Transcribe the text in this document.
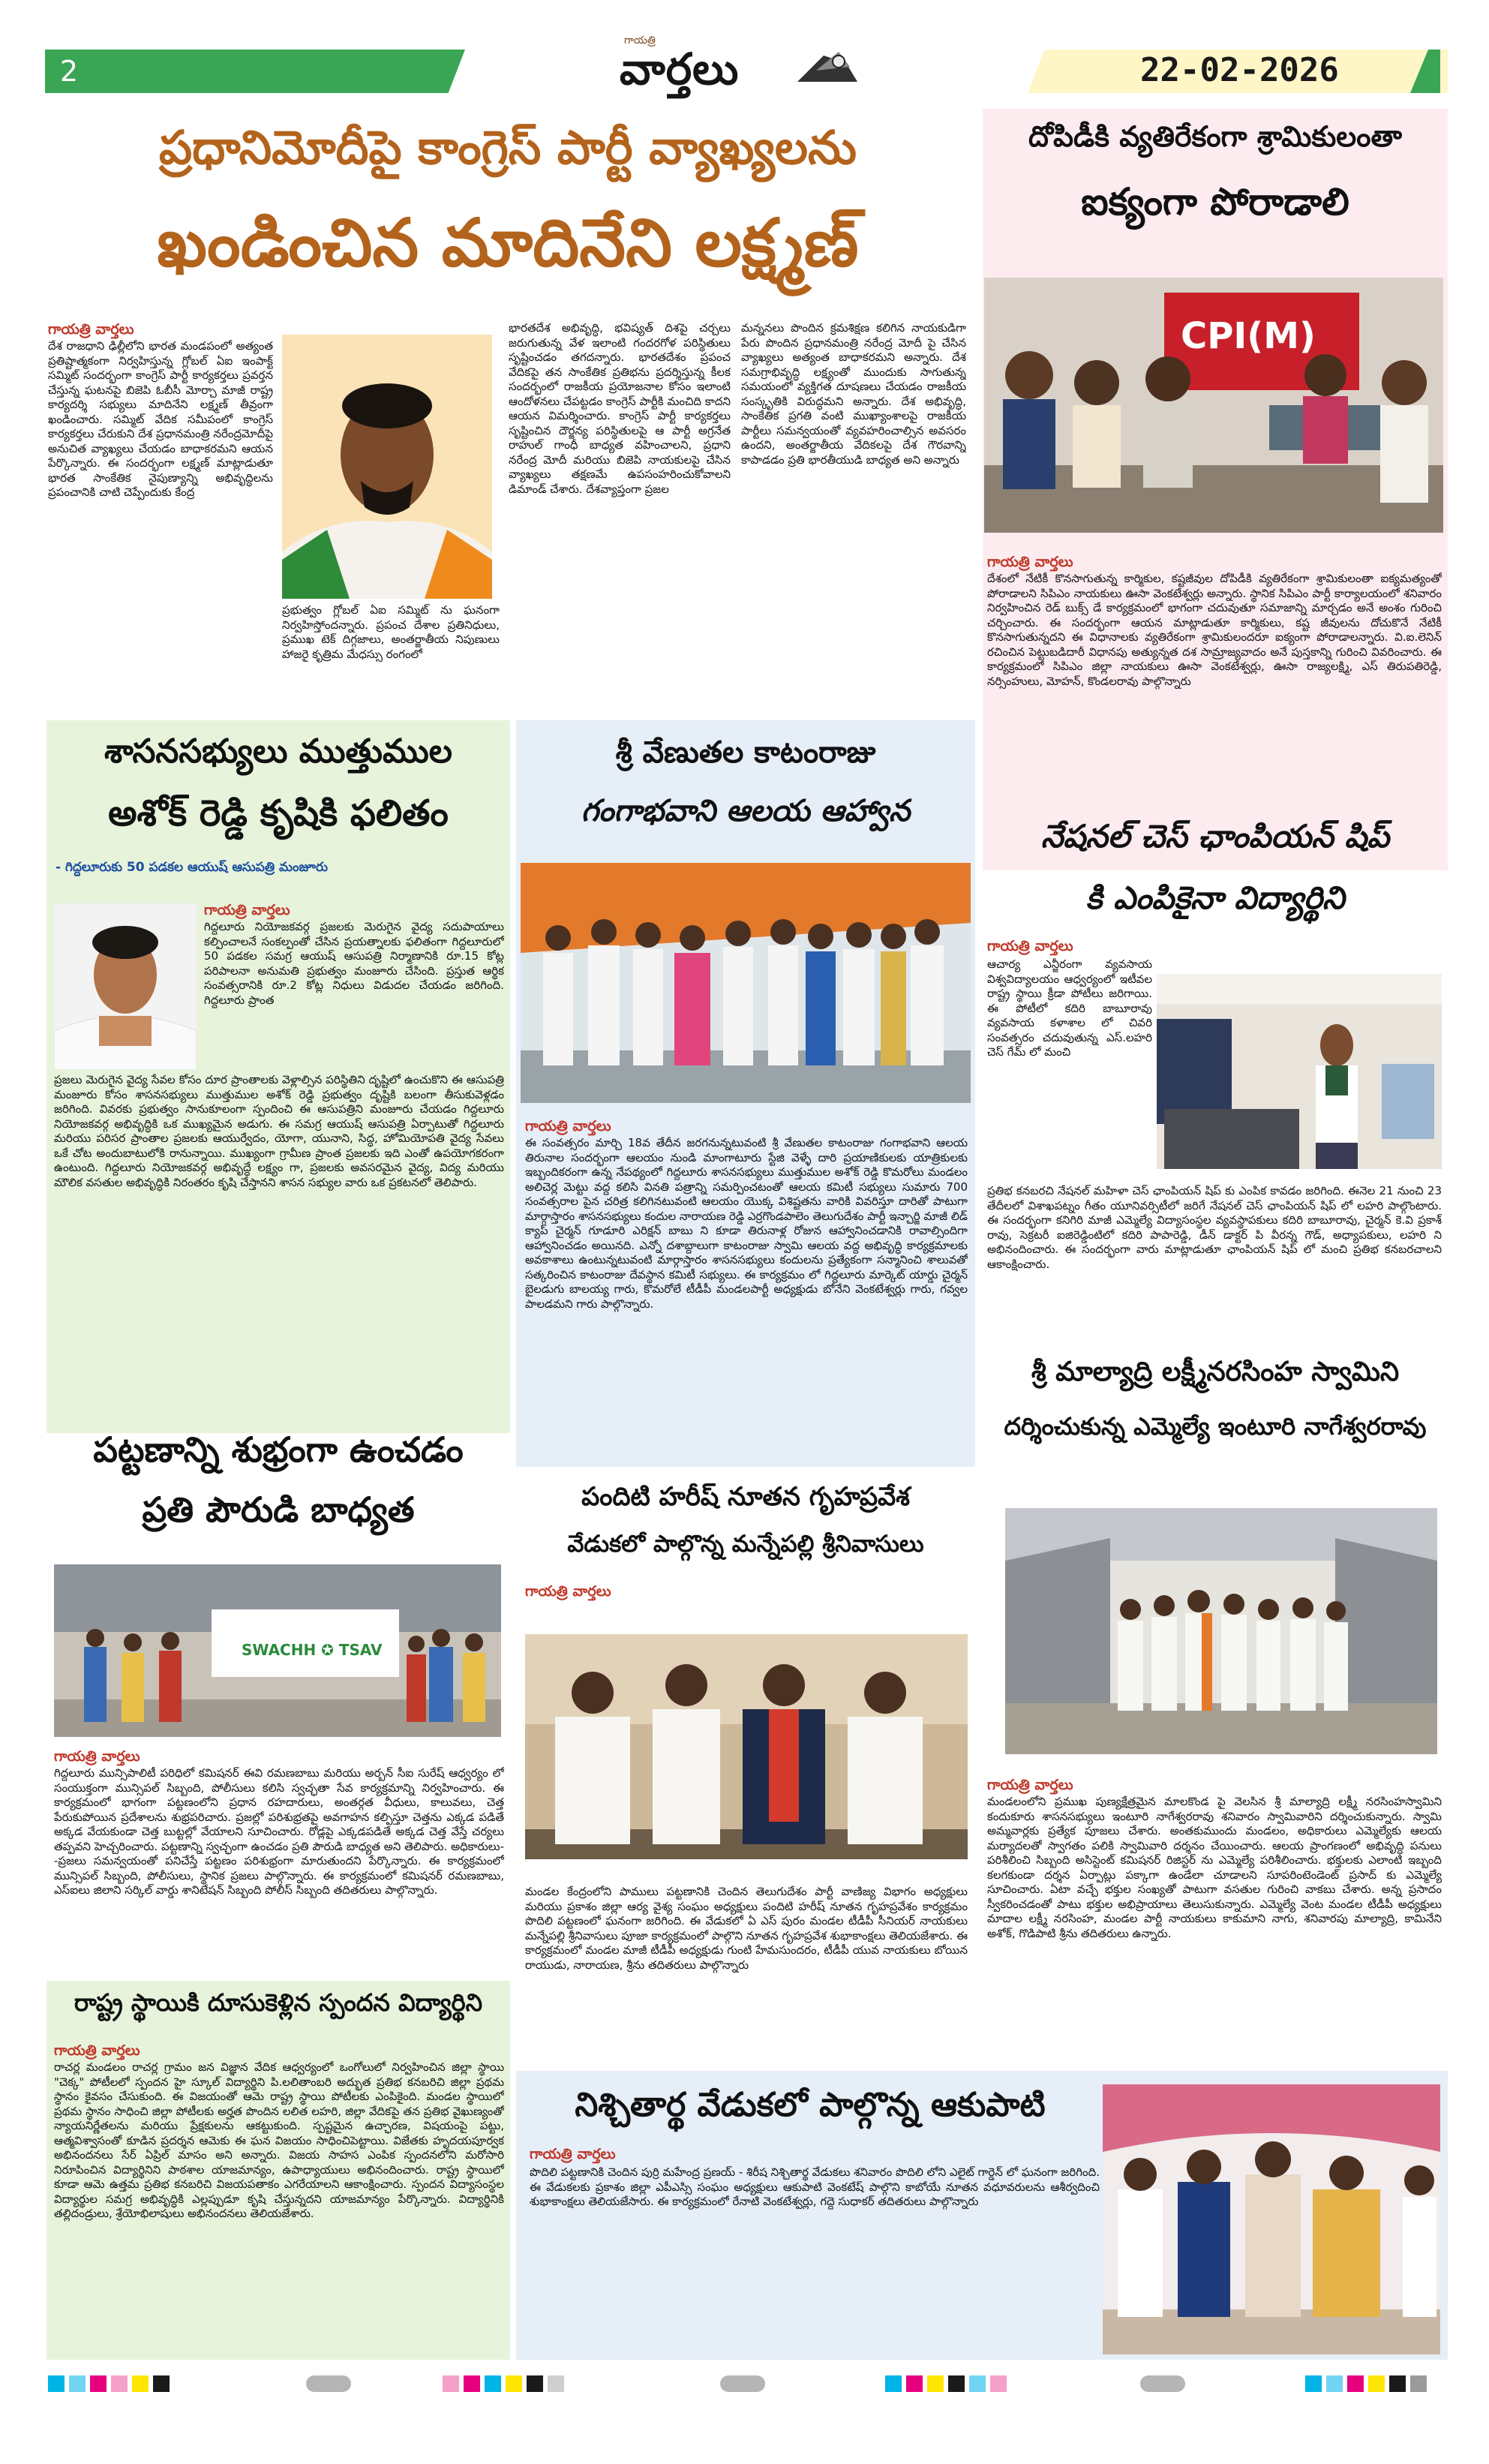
2
గాయత్రి
వార్తలు	22-02-2026
ప్రధానిమోదీపై కాంగ్రెస్ పార్టీ వ్యాఖ్యలను
ఖండించిన మాదినేని లక్ష్మణ్
గాయత్రి వార్తలు
దేశ రాజధాని ఢిల్లీలోని భారత మండపంలో అత్యంత ప్రతిష్టాత్మకంగా నిర్వహిస్తున్న గ్లోబల్ ఏఐ ఇంపాక్ట్ సమ్మిట్ సందర్భంగా కాంగ్రెస్ పార్టీ కార్యకర్తలు ప్రవర్తన చేస్తున్న ఘటనపై బిజెపి ఓబీసీ మోర్చా మాజీ రాష్ట్ర కార్యదర్శి సభ్యులు మాదినేని లక్ష్మణ్ తీవ్రంగా ఖండించారు. సమ్మిట్ వేదిక సమీపంలో కాంగ్రెస్ కార్యకర్తలు చేరుకుని దేశ ప్రధానమంత్రి నరేంద్రమోదీపై అనుచిత వ్యాఖ్యలు చేయడం బాధాకరమని ఆయన పేర్కొన్నారు. ఈ సందర్భంగా లక్ష్మణ్ మాట్లాడుతూ భారత సాంకేతిక నైపుణ్యాన్ని అభివృద్ధిలను ప్రపంచానికి చాటి చెప్పేందుకు కేంద్ర
ప్రభుత్వం గ్లోబల్ ఏఐ సమ్మిట్ ను ఘనంగా నిర్వహిస్తోందన్నారు. ప్రపంచ దేశాల ప్రతినిధులు, ప్రముఖ టెక్ దిగ్గజాలు, అంతర్జాతీయ నిపుణులు హాజరై కృత్రిమ మేధస్సు రంగంలో
భారతదేశ అభివృద్ధి, భవిష్యత్ దిశపై చర్చలు జరుగుతున్న వేళ ఇలాంటి గందరగోళ పరిస్థితులు సృష్టించడం తగదన్నారు. భారతదేశం ప్రపంచ వేదికపై తన సాంకేతిక ప్రతిభను ప్రదర్శిస్తున్న కీలక సందర్భంలో రాజకీయ ప్రయోజనాల కోసం ఇలాంటి ఆందోళనలు చేపట్టడం కాంగ్రెస్ పార్టీకి మంచిది కాదని ఆయన విమర్శించారు. కాంగ్రెస్ పార్టీ కార్యకర్తలు సృష్టించిన దౌర్జన్య పరిస్థితులపై ఆ పార్టీ అగ్రనేత రాహుల్ గాంధీ బాధ్యత వహించాలని, ప్రధాని నరేంద్ర మోదీ మరియు బిజెపి నాయకులపై చేసిన వ్యాఖ్యలు తక్షణమే ఉపసంహరించుకోవాలని డిమాండ్ చేశారు. దేశవ్యాప్తంగా ప్రజల
మన్ననలు పొందిన క్రమశిక్షణ కలిగిన నాయకుడిగా పేరు పొందిన ప్రధానమంత్రి నరేంద్ర మోదీ పై చేసిన వ్యాఖ్యలు అత్యంత బాధాకరమని అన్నారు. దేశ సమగ్రాభివృద్ధి లక్ష్యంతో ముందుకు సాగుతున్న సమయంలో వ్యక్తిగత దూషణలు చేయడం రాజకీయ సంస్కృతికి విరుద్ధమని అన్నారు. దేశ అభివృద్ధి, సాంకేతిక ప్రగతి వంటి ముఖ్యాంశాలపై రాజకీయ పార్టీలు సమన్వయంతో వ్యవహరించాల్సిన అవసరం ఉందని, అంతర్జాతీయ వేదికలపై దేశ గౌరవాన్ని కాపాడడం ప్రతి భారతీయుడి బాధ్యత అని అన్నారు
దోపిడీకి వ్యతిరేకంగా శ్రామికులంతా
ఐక్యంగా పోరాడాలి
CPI(M)
గాయత్రి వార్తలు
దేశంలో నేటికీ కొనసాగుతున్న కార్మికుల, కష్టజీవుల దోపిడీకి వ్యతిరేకంగా శ్రామికులంతా ఐక్యమత్యంతో పోరాడాలని సిపిఎం నాయకులు ఊసా వెంకటేశ్వర్లు అన్నారు. స్థానిక సిపిఎం పార్టీ కార్యాలయంలో శనివారం నిర్వహించిన రెడ్ బుక్స్ డే కార్యక్రమంలో భాగంగా చదువుతూ సమాజాన్ని మార్చడం అనే అంశం గురించి చర్చించారు. ఈ సందర్భంగా ఆయన మాట్లాడుతూ కార్మికులు, కష్ట జీవులను దోచుకొనే నేటికీ కొనసాగుతున్నదని ఈ విధానాలకు వ్యతిరేకంగా శ్రామికులందరూ ఐక్యంగా పోరాడాలన్నారు. వి.ఐ.లెనిన్ రచించిన పెట్టుబడిదారీ విధానపు అత్యున్నత దశ సామ్రాజ్యవాదం అనే పుస్తకాన్ని గురించి వివరించారు. ఈ కార్యక్రమంలో సిపిఎం జిల్లా నాయకులు ఊసా వెంకటేశ్వర్లు, ఊసా రాజ్యలక్ష్మి, ఎస్ తిరుపతిరెడ్డి, నర్సింహులు, మోహన్, కొండలరావు పాల్గొన్నారు
శాసనసభ్యులు ముత్తుముల
అశోక్ రెడ్డి కృషికి ఫలితం
- గిద్దలూరుకు 50 పడకల ఆయుష్ ఆసుపత్రి మంజూరు
గాయత్రి వార్తలు
గిద్దలూరు నియోజకవర్గ ప్రజలకు మెరుగైన వైద్య సదుపాయాలు కల్పించాలనే సంకల్పంతో చేసిన ప్రయత్నాలకు ఫలితంగా గిద్దలూరులో 50 పడకల సమగ్ర ఆయుష్ ఆసుపత్రి నిర్మాణానికి రూ.15 కోట్ల పరిపాలనా అనుమతి ప్రభుత్వం మంజూరు చేసింది. ప్రస్తుత ఆర్థిక సంవత్సరానికి రూ.2 కోట్ల నిధులు విడుదల చేయడం జరిగింది. గిద్దలూరు ప్రాంత
ప్రజలు మెరుగైన వైద్య సేవల కోసం దూర ప్రాంతాలకు వెళ్లాల్సిన పరిస్థితిని దృష్టిలో ఉంచుకొని ఈ ఆసుపత్రి మంజూరు కోసం శాసనసభ్యులు ముత్తుముల అశోక్ రెడ్డి ప్రభుత్వం దృష్టికి బలంగా తీసుకువెళ్లడం జరిగింది. వివరకు ప్రభుత్వం సానుకూలంగా స్పందించి ఈ ఆసుపత్రిని మంజూరు చేయడం గిద్దలూరు నియోజకవర్గ అభివృద్ధికి ఒక ముఖ్యమైన అడుగు. ఈ సమగ్ర ఆయుష్ ఆసుపత్రి ఏర్పాటుతో గిద్దలూరు మరియు పరిసర ప్రాంతాల ప్రజలకు ఆయుర్వేదం, యోగా, యునాని, సిద్ధ, హోమియోపతి వైద్య సేవలు ఒకే చోట అందుబాటులోకి రానున్నాయి. ముఖ్యంగా గ్రామీణ ప్రాంత ప్రజలకు ఇది ఎంతో ఉపయోగకరంగా ఉంటుంది. గిద్దలూరు నియోజకవర్గ అభివృద్ధే లక్ష్యం గా, ప్రజలకు అవసరమైన వైద్య, విద్య మరియు మౌలిక వసతుల అభివృద్ధికి నిరంతరం కృషి చేస్తానని శాసన సభ్యుల వారు ఒక ప్రకటనలో తెలిపారు.
శ్రీ వేణుతల కాటంరాజు
గంగాభవాని ఆలయ ఆహ్వాన
గాయత్రి వార్తలు
ఈ సంవత్సరం మార్చి 18వ తేదీన జరగనున్నటువంటి శ్రీ వేణుతల కాటంరాజు గంగాభవాని ఆలయ తిరునాల సందర్భంగా ఆలయం నుండి మాంగాటూరు స్టేజి వెళ్ళే దారి ప్రయాణికులకు యాత్రికులకు ఇబ్బందికరంగా ఉన్న నేపథ్యంలో గిద్దలూరు శాసనసభ్యులు ముత్తుముల అశోక్ రెడ్డి కొమరోలు మండలం అలిచెర్ల మెట్టు వద్ద కలిసి వినతి పత్రాన్ని సమర్పించటంతో ఆలయ కమిటీ సభ్యులు సుమారు 700 సంవత్సరాల పైన చరిత్ర కలిగినటువంటి ఆలయం యొక్క విశిష్టతను వారికి వివరిస్తూ దారితో పాటుగా మార్గాస్తారం శాసనసభ్యులు కందుల నారాయణ రెడ్డి ఎర్రగొండపాలెం తెలుగుదేశం పార్టీ ఇన్చార్జి మాజీ లిడ్ క్యాప్ చైర్మన్ గూడూరి ఎరిక్షన్ బాబు ని కూడా తిరునాళ్ల రోజున ఆహ్వానించడానికి రావాల్సిందిగా ఆహ్వానించడం అయినది. ఎన్నో దశాబ్దాలుగా కాటంరాజు స్వామి ఆలయ వద్ద అభివృద్ధి కార్యక్రమాలకు అవకాశాలు ఉంటున్నటువంటి మార్గాస్తారం శాసనసభ్యులు కందులను ప్రత్యేకంగా సన్మానించి శాలువతో సత్కరించిన కాటంరాజు దేవస్థాన కమిటీ సభ్యులు. ఈ కార్యక్రమం లో గిద్దలూరు మార్కెట్ యార్డు చైర్మన్ బైలడుగు బాలయ్య గారు, కొమరోలే టీడీపీ మండలపార్టీ అధ్యక్షుడు బోనేని వెంకటేశ్వర్లు గారు, గవ్వల పాలడమని గారు పాల్గొన్నారు.
నేషనల్ చెస్ ఛాంపియన్ షిప్
కి ఎంపికైనా విద్యార్థిని
గాయత్రి వార్తలు
ఆచార్య ఎన్జీరంగా వ్యవసాయ విశ్వవిద్యాలయం ఆధ్వర్యంలో ఇటీవల రాష్ట్ర స్థాయి క్రీడా పోటీలు జరిగాయి. ఈ పోటీలో కదిరి బాబూరావు వ్యవసాయ కళాశాల లో చివరి సంవత్సరం చదువుతున్న ఎస్.లహరి చెస్ గేమ్ లో మంచి
ప్రతిభ కనబరచి నేషనల్ మహిళా చెస్ ఛాంపియన్ షిప్ కు ఎంపిక కావడం జరిగింది. ఈనెల 21 నుంచి 23 తేదీలలో విశాఖపట్నం గీతం యూనివర్సిటీలో జరిగే నేషనల్ చెస్ ఛాంపియన్ షిప్ లో లహరి పాల్గొంటారు. ఈ సందర్భంగా కనిగిరి మాజీ ఎమ్మెల్యే విద్యాసంస్థల వ్యవస్థాపకులు కదిరి బాబూరావు, చైర్మన్ కె.వి ప్రకాశ్ రావు, సెక్రటరీ ఐజిరెడ్డింటిలో కదిరి పాపారెడ్డి, డీన్ డాక్టర్ పి వీరన్న గౌడ్, అధ్యాపకులు, లహరి ని అభినందించారు. ఈ సందర్భంగా వారు మాట్లాడుతూ ఛాంపియన్ షిప్ లో మంచి ప్రతిభ కనబరచాలని ఆకాంక్షించారు.
శ్రీ మాల్యాద్రి లక్ష్మీనరసింహ స్వామిని
దర్శించుకున్న ఎమ్మెల్యే ఇంటూరి నాగేశ్వరరావు
గాయత్రి వార్తలు
మండలంలోని ప్రముఖ పుణ్యక్షేత్రమైన మాలకొండ పై వెలసిన శ్రీ మాల్యాద్రి లక్ష్మీ నరసింహస్వామిని కందుకూరు శాసనసభ్యులు ఇంటూరి నాగేశ్వరరావు శనివారం స్వామివారిని దర్శించుకున్నారు. స్వామి అమ్మవార్లకు ప్రత్యేక పూజలు చేశారు. అంతకుముందు మండలం, అధికారులు ఎమ్మెల్యేకు ఆలయ మర్యాదలతో స్వాగతం పలికి స్వామివారి దర్శనం చేయించారు. ఆలయ ప్రాంగణంలో అభివృద్ధి పనులు పరిశీలించి సిబ్బంది అసిస్టెంట్ కమిషనర్ రిజిస్టర్ ను ఎమ్మెల్యే పరిశీలించారు. భక్తులకు ఎలాంటి ఇబ్బంది కలగకుండా దర్శన ఏర్పాట్లు పక్కాగా ఉండేలా చూడాలని సూపరింటెండెంట్ ప్రసాద్ కు ఎమ్మెల్యే సూచించారు. ఏటా వచ్చే భక్తుల సంఖ్యతో పాటుగా వసతుల గురించి వాకబు చేశారు. అన్న ప్రసాదం స్వీకరించడంతో పాటు భక్తుల అభిప్రాయాలు తెలుసుకున్నారు. ఎమ్మెల్యే వెంట మండల టీడీపీ అధ్యక్షులు మాదాల లక్ష్మీ నరసింహ, మండల పార్టీ నాయకులు కాకుమాని నాగు, శనివారపు మాల్యాద్రి, కామినేని అశోక్, గొడిపాటి శ్రీను తదితరులు ఉన్నారు.
పట్టణాన్ని శుభ్రంగా ఉంచడం
ప్రతి పౌరుడి బాధ్యత
SWACHH ✪ TSAV
గాయత్రి వార్తలు
గిద్దలూరు మున్సిపాలిటీ పరిధిలో కమిషనర్ ఈవి రమణబాబు మరియు అర్బన్ సీఐ సురేష్ ఆధ్వర్యం లో సంయుక్తంగా మున్సిపల్ సిబ్బంది, పోలీసులు కలిసి స్వచ్ఛతా సేవ కార్యక్రమాన్ని నిర్వహించారు. ఈ కార్యక్రమంలో భాగంగా పట్టణంలోని ప్రధాన రహదారులు, అంతర్గత వీధులు, కాలువలు, చెత్త పేరుకుపోయిన ప్రదేశాలను శుభ్రపరిచారు. ప్రజల్లో పరిశుభ్రతపై అవగాహన కల్పిస్తూ చెత్తను ఎక్కడ పడితే అక్కడ వేయకుండా చెత్త బుట్టల్లో వేయాలని సూచించారు. రోడ్లపై ఎక్కడపడితే అక్కడ చెత్త వేస్తే చర్యలు తప్పవని హెచ్చరించారు. పట్టణాన్ని స్వచ్ఛంగా ఉంచడం ప్రతి పౌరుడి బాధ్యత అని తెలిపారు. అధికారులు--ప్రజలు సమన్వయంతో పనిచేస్తే పట్టణం పరిశుభ్రంగా మారుతుందని పేర్కొన్నారు. ఈ కార్యక్రమంలో మున్సిపల్ సిబ్బంది, పోలీసులు, స్థానిక ప్రజలు పాల్గొన్నారు. ఈ కార్యక్రమంలో కమిషనర్ రమణబాబు, ఎస్ఐలు జిలాని సర్కిల్ వార్డు శానిటేషన్ సిబ్బంది పోలీస్ సిబ్బంది తదితరులు పాల్గొన్నారు.
పందిటి హరీష్ నూతన గృహప్రవేశ
వేడుకలో పాల్గొన్న మన్నేపల్లి శ్రీనివాసులు
గాయత్రి వార్తలు
మండల కేంద్రంలోని పాములు పట్టణానికి చెందిన తెలుగుదేశం పార్టీ వాణిజ్య విభాగం అధ్యక్షులు మరియు ప్రకాశం జిల్లా ఆర్య వైశ్య సంఘం అధ్యక్షులు పందిటి హరీష్ నూతన గృహప్రవేశం కార్యక్రమం పొదిలి పట్టణంలో ఘనంగా జరిగింది. ఈ వేడుకలో ఏ ఎస్ పురం మండల టీడీపీ సీనియర్ నాయకులు మన్నేపల్లి శ్రీనివాసులు పూజా కార్యక్రమంలో పాల్గొని నూతన గృహప్రవేశ శుభాకాంక్షలు తెలియజేశారు. ఈ కార్యక్రమంలో మండల మాజీ టీడీపీ అధ్యక్షుడు గుంటి హేమసుందరం, టీడీపీ యువ నాయకులు బోయిన రాయుడు, నారాయణ, శ్రీను తదితరులు పాల్గొన్నారు
రాష్ట్ర స్థాయికి దూసుకెళ్లిన స్పందన విద్యార్థిని
గాయత్రి వార్తలు
రాచర్ల మండలం రాచర్ల గ్రామం జన విజ్ఞాన వేదిక ఆధ్వర్యంలో ఒంగోలులో నిర్వహించిన జిల్లా స్థాయి "చెక్క" పోటీలలో స్పందన హై స్కూల్ విద్యార్థిని పి.లలితాంబరి అద్భుత ప్రతిభ కనబరిచి జిల్లా ప్రథమ స్థానం కైవసం చేసుకుంది. ఈ విజయంతో ఆమె రాష్ట్ర స్థాయి పోటీలకు ఎంపికైంది. మండల స్థాయిలో ప్రథమ స్థానం సాధించి జిల్లా పోటీలకు అర్హత పొందిన లలిత లహరి, జిల్లా వేదికపై తన ప్రతిభ వైఖుణ్యంతో న్యాయనిర్ణేతలను మరియు ప్రేక్షకులను ఆకట్టుకుంది. స్పష్టమైన ఉచ్ఛారణ, విషయంపై పట్టు, ఆత్మవిశ్వాసంతో కూడిన ప్రదర్శన ఆమెకు ఈ ఘన విజయం సాధించిపెట్టాయి. విజేతకు హృదయపూర్వక అభినందనలు సేర్ ఏప్రిల్ మాసం అని అన్నారు. విజయ సాహస ఎంపిక స్పందనలోని మరోసారి నిరూపించిన విద్యార్థినిని పాఠశాల యాజమాన్యం, ఉపాధ్యాయులు అభినందించారు. రాష్ట్ర స్థాయిలో కూడా ఆమె ఉత్తమ ప్రతిభ కనబరిచి విజయపతాకం ఎగరేయాలని ఆకాంక్షించారు. స్పందన విద్యాసంస్థల విద్యార్థుల సమగ్ర అభివృద్ధికి ఎల్లప్పుడూ కృషి చేస్తున్నదని యాజమాన్యం పేర్కొన్నారు. విద్యార్థినికి తల్లిదండ్రులు, శ్రేయోభిలాషులు అభినందనలు తెలియజేశారు.
నిశ్చితార్థ వేడుకలో పాల్గొన్న ఆకుపాటి
గాయత్రి వార్తలు
పొదిలి పట్టణానికి చెందిన పుర్రి మహేంద్ర ప్రణయ్ - శిరీష నిశ్చితార్థ వేడుకలు శనివారం పొదిలి లోని ఎలైట్ గార్డెన్ లో ఘనంగా జరిగింది. ఈ వేడుకలకు ప్రకాశం జిల్లా ఎపీఎస్సి సంఘం అధ్యక్షులు ఆకుపాటి వెంకటేష్ పాల్గొని కాబోయే నూతన వధూవరులను ఆశీర్వదించి శుభాకాంక్షలు తెలియజేసారు. ఈ కార్యక్రమంలో రేనాటి వెంకటేశ్వర్లు, గద్దె సుధాకర్ తదితరులు పాల్గొన్నారు
